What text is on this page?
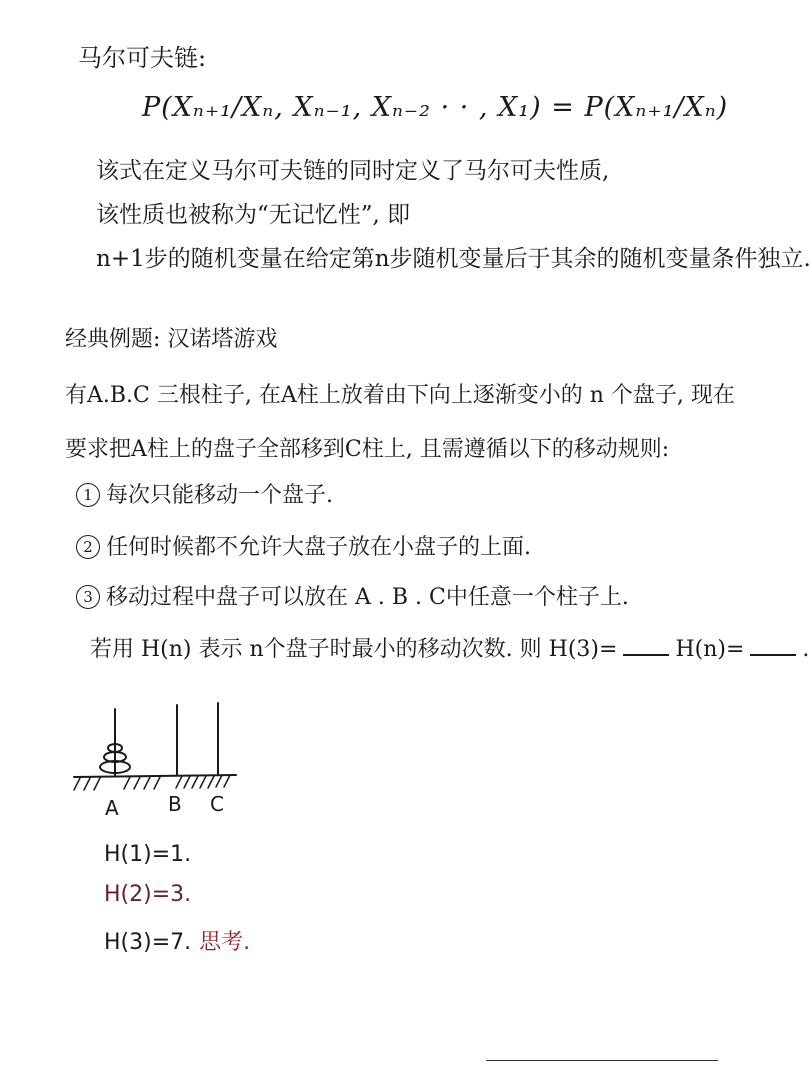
马尔可夫链:
P(Xₙ₊₁/Xₙ, Xₙ₋₁, Xₙ₋₂ · · , X₁) = P(Xₙ₊₁/Xₙ)
该式在定义马尔可夫链的同时定义了马尔可夫性质,
该性质也被称为“无记忆性”, 即
n+1步的随机变量在给定第n步随机变量后于其余的随机变量条件独立.
经典例题: 汉诺塔游戏
有A.B.C 三根柱子, 在A柱上放着由下向上逐渐变小的 n 个盘子, 现在
要求把A柱上的盘子全部移到C柱上, 且需遵循以下的移动规则:
1 每次只能移动一个盘子.
2 任何时候都不允许大盘子放在小盘子的上面.
3 移动过程中盘子可以放在 A . B . C中任意一个柱子上.
若用 H(n) 表示 n个盘子时最小的移动次数. 则 H(3)=	H(n)=	.
A B C
H(1)=1.
H(2)=3.
H(3)=7. 思考.
